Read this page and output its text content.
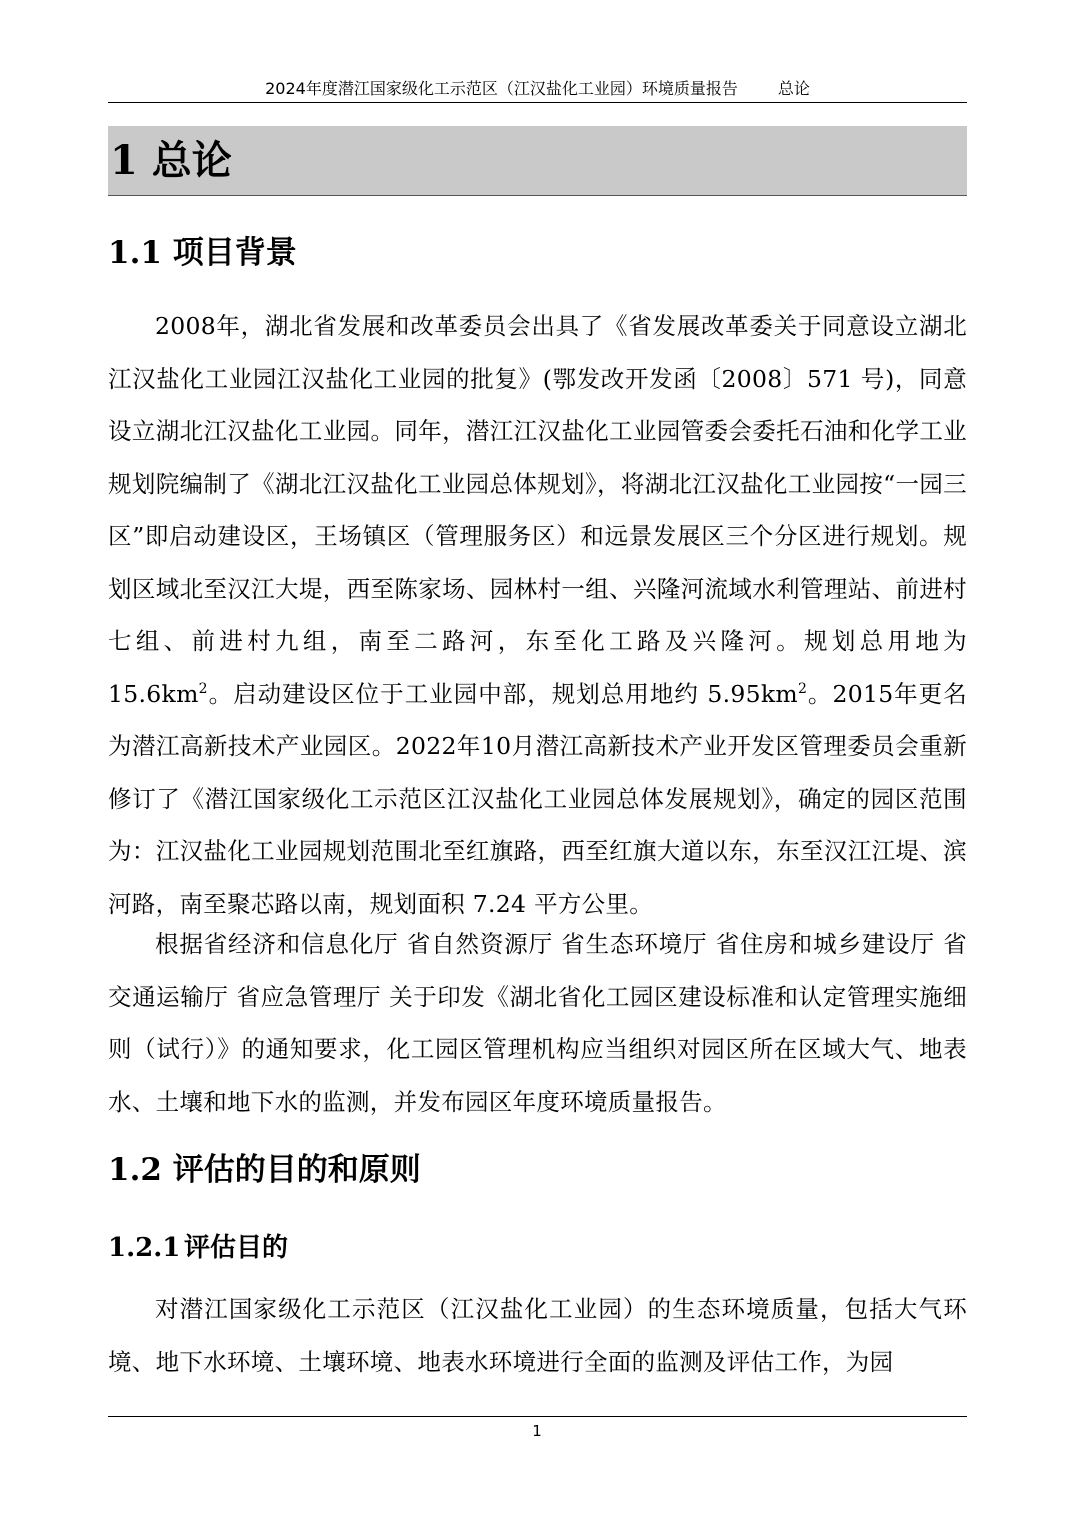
2024年度潜江国家级化工示范区（江汉盐化工业园）环境质量报告	总论
1 总论
1.1 项目背景
2008年，湖北省发展和改革委员会出具了《省发展改革委关于同意设立湖北江汉盐化工业园江汉盐化工业园的批复》(鄂发改开发函〔2008〕571 号)，同意设立湖北江汉盐化工业园。同年，潜江江汉盐化工业园管委会委托石油和化学工业规划院编制了《湖北江汉盐化工业园总体规划》，将湖北江汉盐化工业园按“一园三区”即启动建设区，王场镇区（管理服务区）和远景发展区三个分区进行规划。规划区域北至汉江大堤，西至陈家场、园林村一组、兴隆河流域水利管理站、前进村七组、前进村九组，南至二路河，东至化工路及兴隆河。规划总用地为 $15.6km^2$。启动建设区位于工业园中部，规划总用地约 $5.95km^2$。2015年更名为潜江高新技术产业园区。2022年10月潜江高新技术产业开发区管理委员会重新修订了《潜江国家级化工示范区江汉盐化工业园总体发展规划》，确定的园区范围为：江汉盐化工业园规划范围北至红旗路，西至红旗大道以东，东至汉江江堤、滨河路，南至聚芯路以南，规划面积 7.24 平方公里。
根据省经济和信息化厅 省自然资源厅 省生态环境厅 省住房和城乡建设厅 省交通运输厅 省应急管理厅 关于印发《湖北省化工园区建设标准和认定管理实施细则（试行）》的通知要求，化工园区管理机构应当组织对园区所在区域大气、地表水、土壤和地下水的监测，并发布园区年度环境质量报告。
1.2 评估的目的和原则
1.2.1 评估目的
对潜江国家级化工示范区（江汉盐化工业园）的生态环境质量，包括大气环境、地下水环境、土壤环境、地表水环境进行全面的监测及评估工作，为园
1
